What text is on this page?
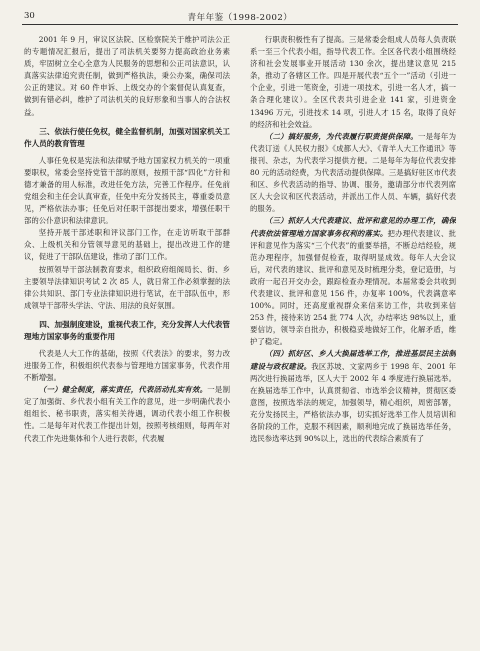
30	青年年鉴（1998-2002）

2001 年 9 月，审议区法院、区检察院关于维护司法公正的专题情况汇报后，提出了司法机关要努力提高政治业务素质，牢固树立全心全意为人民服务的思想和公正司法意识，认真落实法律追究责任制，做到严格执法，秉公办案，确保司法公正的建议。对 60 件申诉、上级交办的个案督促认真复查，做到有错必纠，维护了司法机关的良好形象和当事人的合法权益。

三、依法行使任免权，健全监督机制，加强对国家机关工作人员的教育管理

人事任免权是宪法和法律赋予地方国家权力机关的一项重要职权，常委会坚持党管干部的原则，按照干部“四化”方针和德才兼备的用人标准，改进任免方法，完善工作程序。任免前党组会和主任会认真审查，任免中充分发扬民主，尊重委员意见，严格依法办事；任免后对任职干部提出要求，增强任职干部的公仆意识和法律意识。

坚持开展干部述职和评议部门工作，在走访听取干部群众、上级机关和分管领导意见的基础上，提出改进工作的建议，促进了干部队伍建设，推动了部门工作。

按照领导干部法制教育要求，组织政府组阁局长、街、乡主要领导法律知识考试 2 次 85 人，就日常工作必须掌握的法律公共知识、部门专业法律知识进行笔试，在干部队伍中，形成领导干部带头学法、守法、用法的良好氛围。

四、加强制度建设，重视代表工作，充分发挥人大代表管理地方国家事务的重要作用

代表是人大工作的基础，按照《代表法》的要求，努力改进服务工作，积极组织代表参与管理地方国家事务，代表作用不断增强。

（一）健全制度，落实责任，代表活动扎实有效。一是制定了加强街、乡代表小组有关工作的意见，进一步明确代表小组组长、秘书职责，落实相关待遇，调动代表小组工作积极性。二是每年对代表工作提出计划，按照考核细则，每两年对代表工作先进集体和个人进行表彰，代表履

行职责积极性有了提高。三是常委会组成人员每人负责联系一至三个代表小组，指导代表工作。全区各代表小组围绕经济和社会发展事业开展活动 130 余次，提出建议意见 215 条，推动了各辖区工作。四是开展代表“五个一”活动（引进一个企业，引进一笔资金，引进一项技术，引进一名人才，搞一条合理化建议）。全区代表共引进企业 141 家，引进资金 13496 万元，引进技术 14 项，引进人才 15 名，取得了良好的经济和社会效益。

（二）搞好服务，为代表履行职责提供保障。一是每年为代表订送《人民权力报》《成都人大》、《青羊人大工作通讯》等报刊、杂志，为代表学习提供方便。二是每年为每位代表安排 80 元的活动经费，为代表活动提供保障。三是搞好驻区市代表和区、乡代表活动的指导、协调、服务，邀请部分市代表列席区人大会议和区代表活动，并派出工作人员、车辆，搞好代表的服务。

（三）抓好人大代表建议、批评和意见的办理工作，确保代表依法管理地方国家事务权利的落实。把办理代表建议、批评和意见作为落实“三个代表”的重要举措，不断总结经验，规范办理程序，加强督促检查，取得明显成效。每年人大会议后，对代表的建议、批评和意见及时梳理分类，登记造册，与政府一起召开交办会，跟踪检查办理情况。本届常委会共收到代表建议、批评和意见 156 件，办复率 100%，代表满意率 100%。同时，还高度重视群众来信来访工作，共收到来信 253 件，接待来访 254 批 774 人次，办结率达 98%以上，重要信访，领导亲自批办，积极稳妥地做好工作，化解矛盾，维护了稳定。

（四）抓好区、乡人大换届选举工作，推进基层民主法制建设与政权建设。我区苏坡、文家两乡于 1998 年、2001 年两次进行换届选举，区人大于 2002 年 4 季度进行换届选举。在换届选举工作中，认真贯彻省、市选举会议精神，贯彻区委意图，按照选举法的规定，加强领导，精心组织，周密部署，充分发扬民主，严格依法办事，切实抓好选举工作人员培训和各阶段的工作，克服不利因素，顺利地完成了换届选举任务，选民参选率达到 90%以上，选出的代表综合素质有了
